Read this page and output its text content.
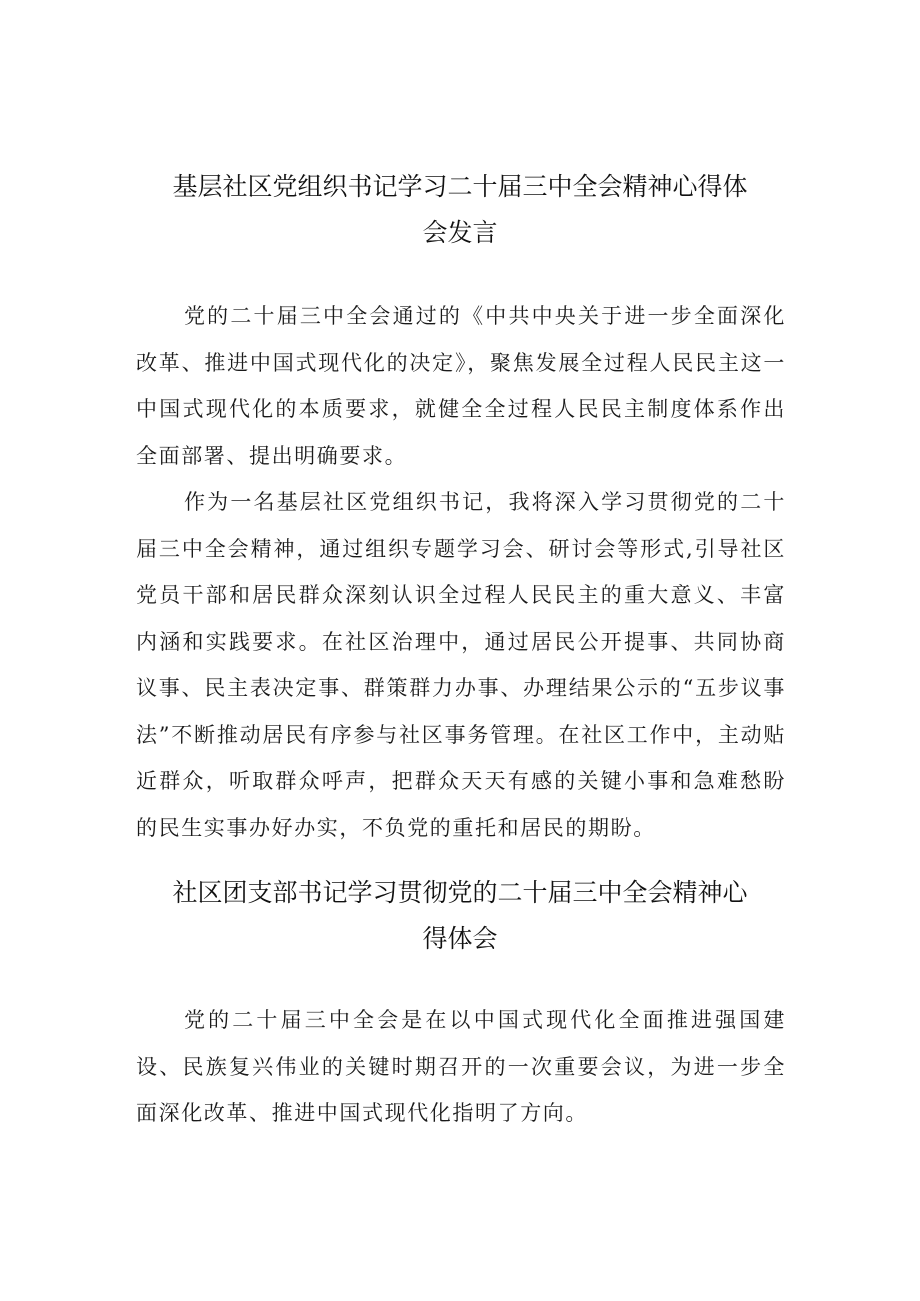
基层社区党组织书记学习二十届三中全会精神心得体
会发言

党的二十届三中全会通过的《中共中央关于进一步全面深化改革、推进中国式现代化的决定》，聚焦发展全过程人民民主这一中国式现代化的本质要求，就健全全过程人民民主制度体系作出全面部署、提出明确要求。

作为一名基层社区党组织书记，我将深入学习贯彻党的二十届三中全会精神，通过组织专题学习会、研讨会等形式,引导社区党员干部和居民群众深刻认识全过程人民民主的重大意义、丰富内涵和实践要求。在社区治理中，通过居民公开提事、共同协商议事、民主表决定事、群策群力办事、办理结果公示的“五步议事法”不断推动居民有序参与社区事务管理。在社区工作中，主动贴近群众，听取群众呼声，把群众天天有感的关键小事和急难愁盼的民生实事办好办实，不负党的重托和居民的期盼。

社区团支部书记学习贯彻党的二十届三中全会精神心
得体会

党的二十届三中全会是在以中国式现代化全面推进强国建设、民族复兴伟业的关键时期召开的一次重要会议，为进一步全面深化改革、推进中国式现代化指明了方向。
